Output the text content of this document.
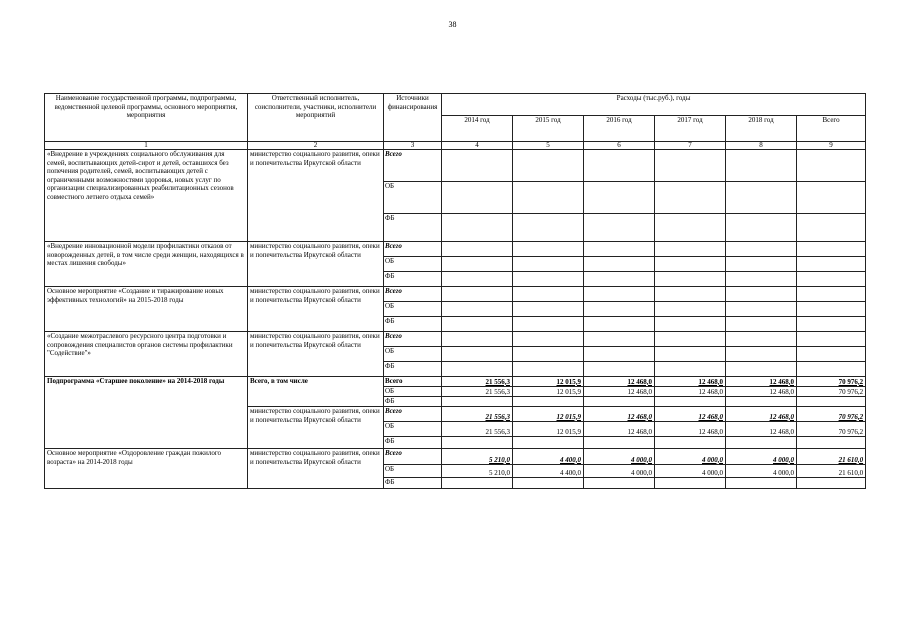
38
Наименование государственной программы, подпрограммы, ведомственной целевой программы, основного мероприятия, мероприятия	Ответственный исполнитель, соисполнители, участники, исполнители мероприятий	Источники финансирования	Расходы (тыс.руб.), годы					
			2014 год	2015 год	2016 год	2017 год	2018 год	Всего
1	2	3	4	5	6	7	8	9
«Внедрение в учреждениях социального обслуживания для семей, воспитывающих детей-сирот и детей, оставшихся без попечения родителей, семей, воспитывающих детей с ограниченными возможностями здоровья, новых услуг по организации специализированных реабилитационных сезонов совместного летнего отдыха семей»	министерство социального развития, опеки и попечительства Иркутской области	Всего						
		ОБ						
		ФБ						
«Внедрение инновационной модели профилактики отказов от новорожденных детей, в том числе среди женщин, находящихся в местах лишения свободы»	министерство социального развития, опеки и попечительства Иркутской области	Всего						
		ОБ						
		ФБ						
Основное мероприятие «Создание и тиражирование новых эффективных технологий» на 2015-2018 годы	министерство социального развития, опеки и попечительства Иркутской области	Всего						
		ОБ						
		ФБ						
«Создание межотраслевого ресурсного центра подготовки и сопровождения специалистов органов системы профилактики "Содействие"»	министерство социального развития, опеки и попечительства Иркутской области	Всего						
		ОБ						
		ФБ						
Подпрограмма «Старшее поколение» на 2014-2018 годы	Всего, в том числе	Всего	21 556,3	12 015,9	12 468,0	12 468,0	12 468,0	70 976,2
		ОБ	21 556,3	12 015,9	12 468,0	12 468,0	12 468,0	70 976,2
		ФБ						
	министерство социального развития, опеки и попечительства Иркутской области	Всего	21 556,3	12 015,9	12 468,0	12 468,0	12 468,0	70 976,2
		ОБ	21 556,3	12 015,9	12 468,0	12 468,0	12 468,0	70 976,2
		ФБ						
Основное мероприятие «Оздоровление граждан пожилого возраста» на 2014-2018 годы	министерство социального развития, опеки и попечительства Иркутской области	Всего	5 210,0	4 400,0	4 000,0	4 000,0	4 000,0	21 610,0
		ОБ	5 210,0	4 400,0	4 000,0	4 000,0	4 000,0	21 610,0
		ФБ						
